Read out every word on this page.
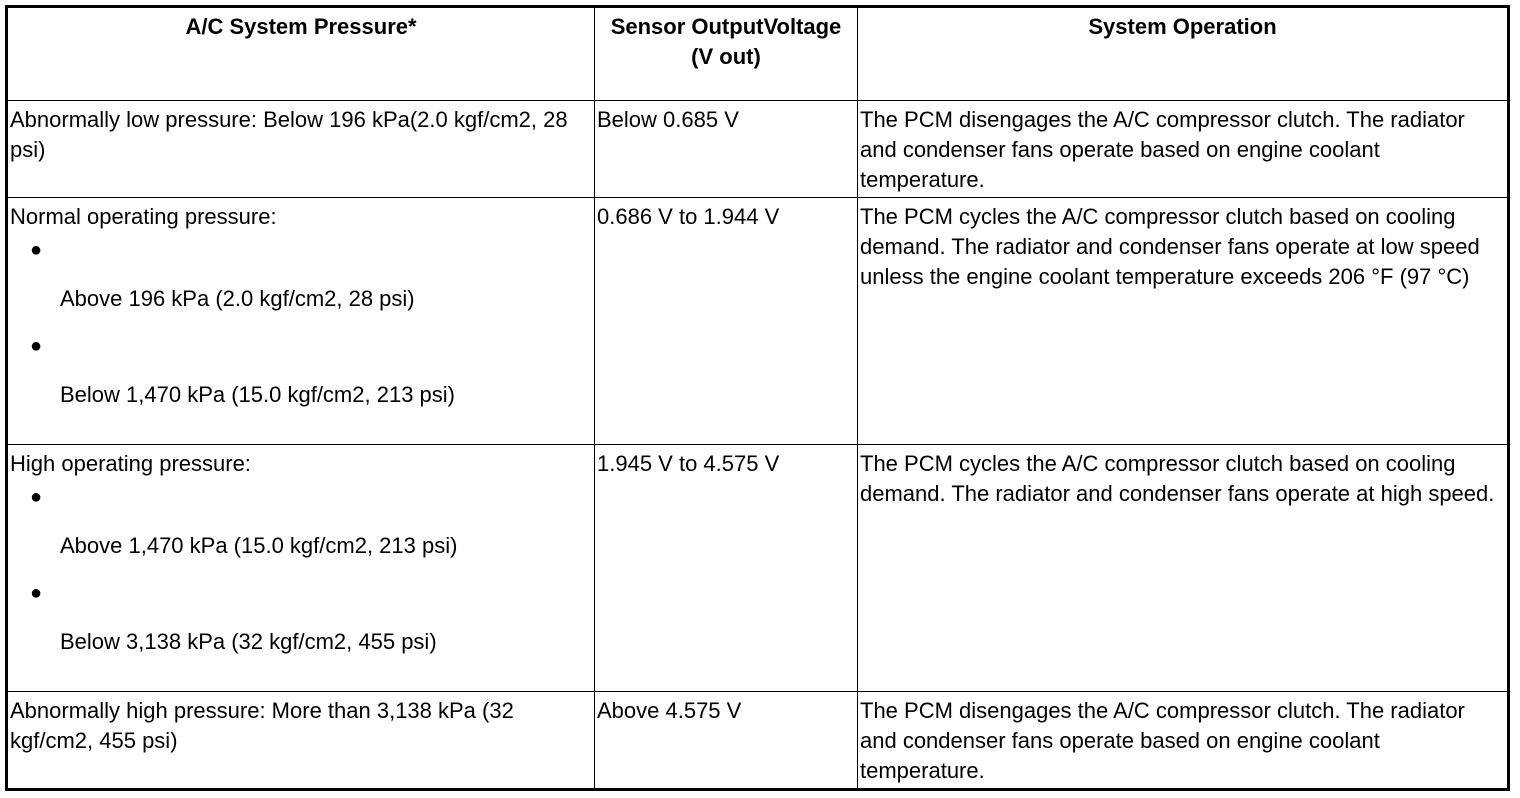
A/C System Pressure*	Sensor OutputVoltage (V out)	System Operation
Abnormally low pressure: Below 196 kPa(2.0 kgf/cm2, 28 psi)	Below 0.685 V	The PCM disengages the A/C compressor clutch. The radiator and condenser fans operate based on engine coolant temperature.

Normal operating pressure:
●
Above 196 kPa (2.0 kgf/cm2, 28 psi)
●
Below 1,470 kPa (15.0 kgf/cm2, 213 psi)	0.686 V to 1.944 V	The PCM cycles the A/C compressor clutch based on cooling demand. The radiator and condenser fans operate at low speed unless the engine coolant temperature exceeds 206 °F (97 °C)

High operating pressure:
●
Above 1,470 kPa (15.0 kgf/cm2, 213 psi)
●
Below 3,138 kPa (32 kgf/cm2, 455 psi)	1.945 V to 4.575 V	The PCM cycles the A/C compressor clutch based on cooling demand. The radiator and condenser fans operate at high speed.
Abnormally high pressure: More than 3,138 kPa (32 kgf/cm2, 455 psi)	Above 4.575 V	The PCM disengages the A/C compressor clutch. The radiator and condenser fans operate based on engine coolant temperature.
